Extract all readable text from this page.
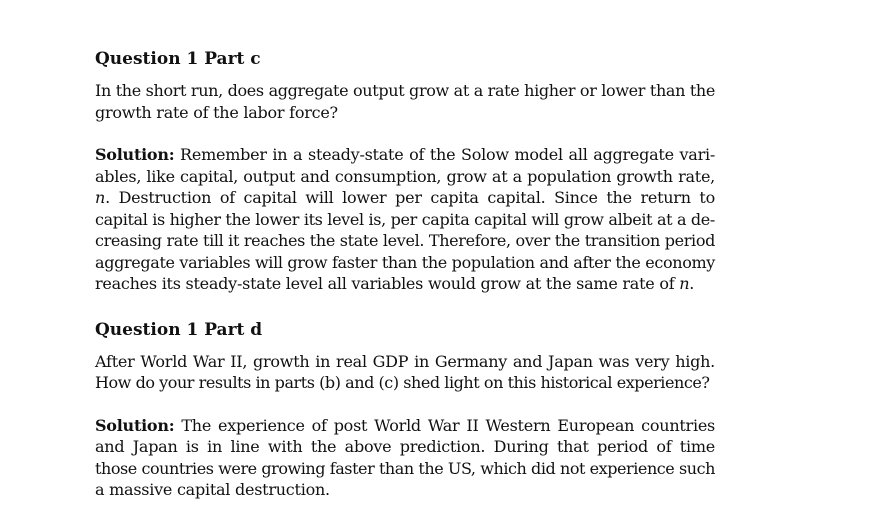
Question 1 Part c

In the short run, does aggregate output grow at a rate higher or lower than the
growth rate of the labor force?

Solution: Remember in a steady-state of the Solow model all aggregate vari-
ables, like capital, output and consumption, grow at a population growth rate,
n. Destruction of capital will lower per capita capital. Since the return to
capital is higher the lower its level is, per capita capital will grow albeit at a de-
creasing rate till it reaches the state level. Therefore, over the transition period
aggregate variables will grow faster than the population and after the economy
reaches its steady-state level all variables would grow at the same rate of n.

Question 1 Part d

After World War II, growth in real GDP in Germany and Japan was very high.
How do your results in parts (b) and (c) shed light on this historical experience?

Solution: The experience of post World War II Western European countries
and Japan is in line with the above prediction. During that period of time
those countries were growing faster than the US, which did not experience such
a massive capital destruction.
